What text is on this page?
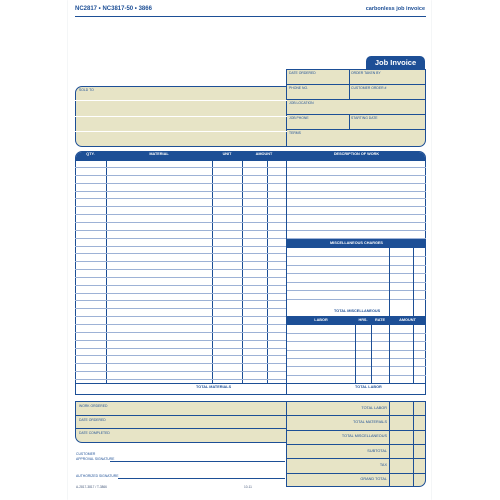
NC2817 • NC3817-50 • 3866	carbonless job invoice
Job Invoice
SOLD TO
DATE ORDERED	ORDER TAKEN BY
PHONE NO.	CUSTOMER ORDER #
JOB LOCATION
JOB PHONE	STARTING DATE
TERMS
QTY.	MATERIAL	UNIT	AMOUNT	DESCRIPTION OF WORK
TOTAL MATERIALS
MISCELLANEOUS CHARGES
TOTAL MISCELLANEOUS
LABOR	HRS.	RATE	AMOUNT
TOTAL LABOR
WORK ORDERED
DATE ORDERED
DATE COMPLETED
TOTAL LABOR
TOTAL MATERIALS
TOTAL MISCELLANEOUS
SUBTOTAL
TAX
GRAND TOTAL
CUSTOMER
APPROVAL SIGNATURE
AUTHORIZED SIGNATURE
A-2817-3817 / T-3866	10-11
